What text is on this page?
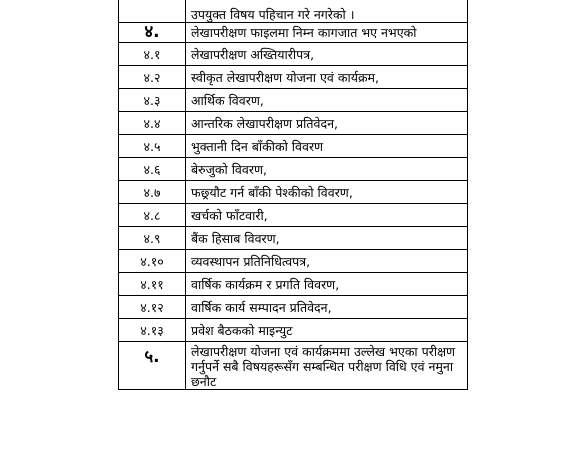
	उपयुक्त विषय पहिचान गरे नगरेको ।
४.	लेखापरीक्षण फाइलमा निम्न कागजात भए नभएको
४.१	लेखापरीक्षण अख्तियारीपत्र,
४.२	स्वीकृत लेखापरीक्षण योजना एवं कार्यक्रम,
४.३	आर्थिक विवरण,
४.४	आन्तरिक लेखापरीक्षण प्रतिवेदन,
४.५	भुक्तानी दिन बाँकीको विवरण
४.६	बेरुजुको विवरण,
४.७	फछ्र्यौट गर्न बाँकी पेश्कीको विवरण,
४.८	खर्चको फाँटवारी,
४.९	बैंक हिसाब विवरण,
४.१०	व्यवस्थापन प्रतिनिधित्वपत्र,
४.११	वार्षिक कार्यक्रम र प्रगति विवरण,
४.१२	वार्षिक कार्य सम्पादन प्रतिवेदन,
४.१३	प्रवेश बैठकको माइन्युट
५.	लेखापरीक्षण योजना एवं कार्यक्रममा उल्लेख भएका परीक्षण गर्नुपर्ने सबै विषयहरूसँग सम्बन्धित परीक्षण विधि एवं नमुना छनौट
